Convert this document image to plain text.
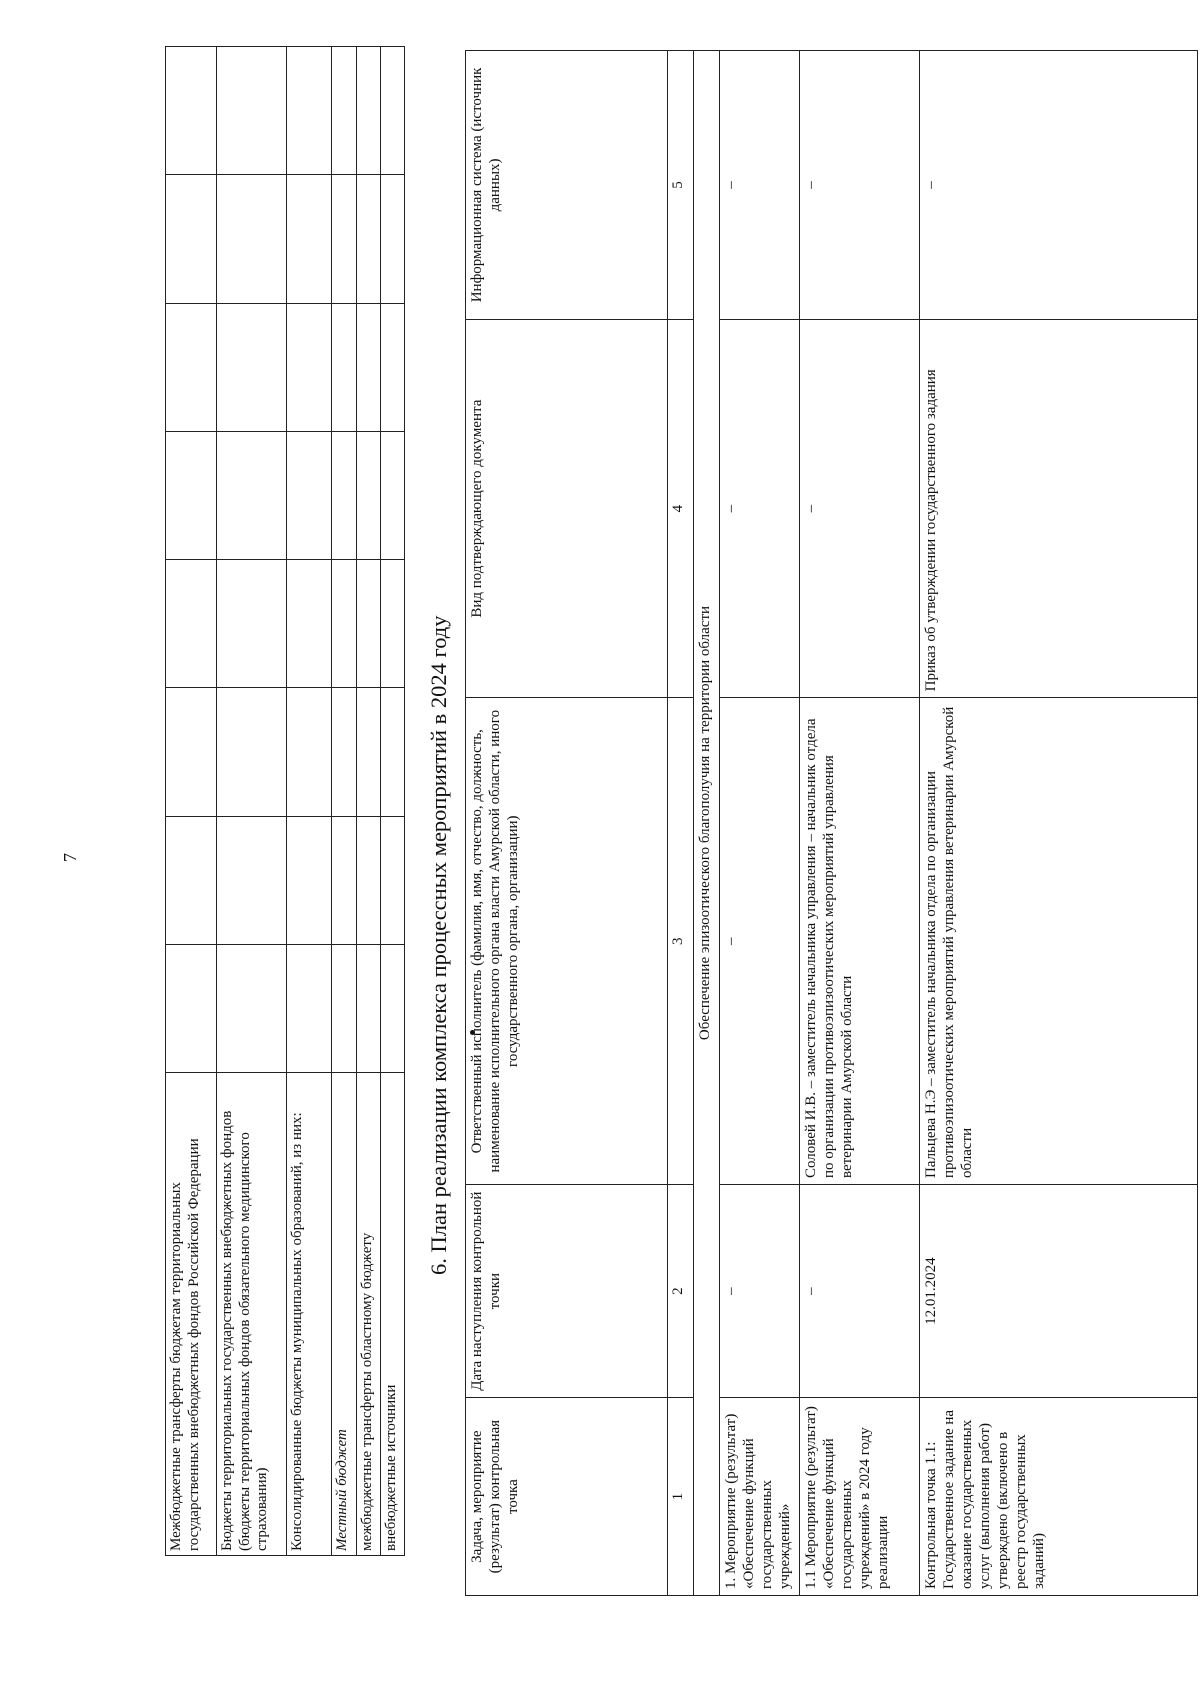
7
Межбюджетные трансферты бюджетам территориальных государственных внебюджетных фондов Российской Федерации								
Бюджеты территориальных государственных внебюджетных фондов (бюджеты территориальных фондов обязательного медицинского страхования)								
Консолидированные бюджеты муниципальных образований, из них:								
Местный бюджет								
межбюджетные трансферты областному бюджету								
внебюджетные источники								
6. План реализации комплекса процессных мероприятий в 2024 году
Задача, мероприятие (результат) контрольная точка	Дата наступления контрольной точки	Ответственный исполнитель (фамилия, имя, отчество, должность, наименование исполнительного органа власти Амурской области, иного государственного органа, организации)	Вид подтверждающего документа	Информационная система (источник данных)
1	2	3	4	5
Обеспечение эпизоотического благополучия на территории области				
1. Мероприятие (результат) «Обеспечение функций государственных учреждений»	–	–	–	–
1.1 Мероприятие (результат) «Обеспечение функций государственных учреждений» в 2024 году реализации	–	Соловей И.В. – заместитель начальника управления – начальник отдела по организации противоэпизоотических мероприятий управления ветеринарии Амурской области	–	–
Контрольная точка 1.1: Государственное задание на оказание государственных услуг (выполнения работ) утверждено (включено в реестр государственных заданий)	12.01.2024	Пальцева Н.Э – заместитель начальника отдела по организации противоэпизоотических мероприятий управления ветеринарии Амурской области	Приказ об утверждении государственного задания	–
